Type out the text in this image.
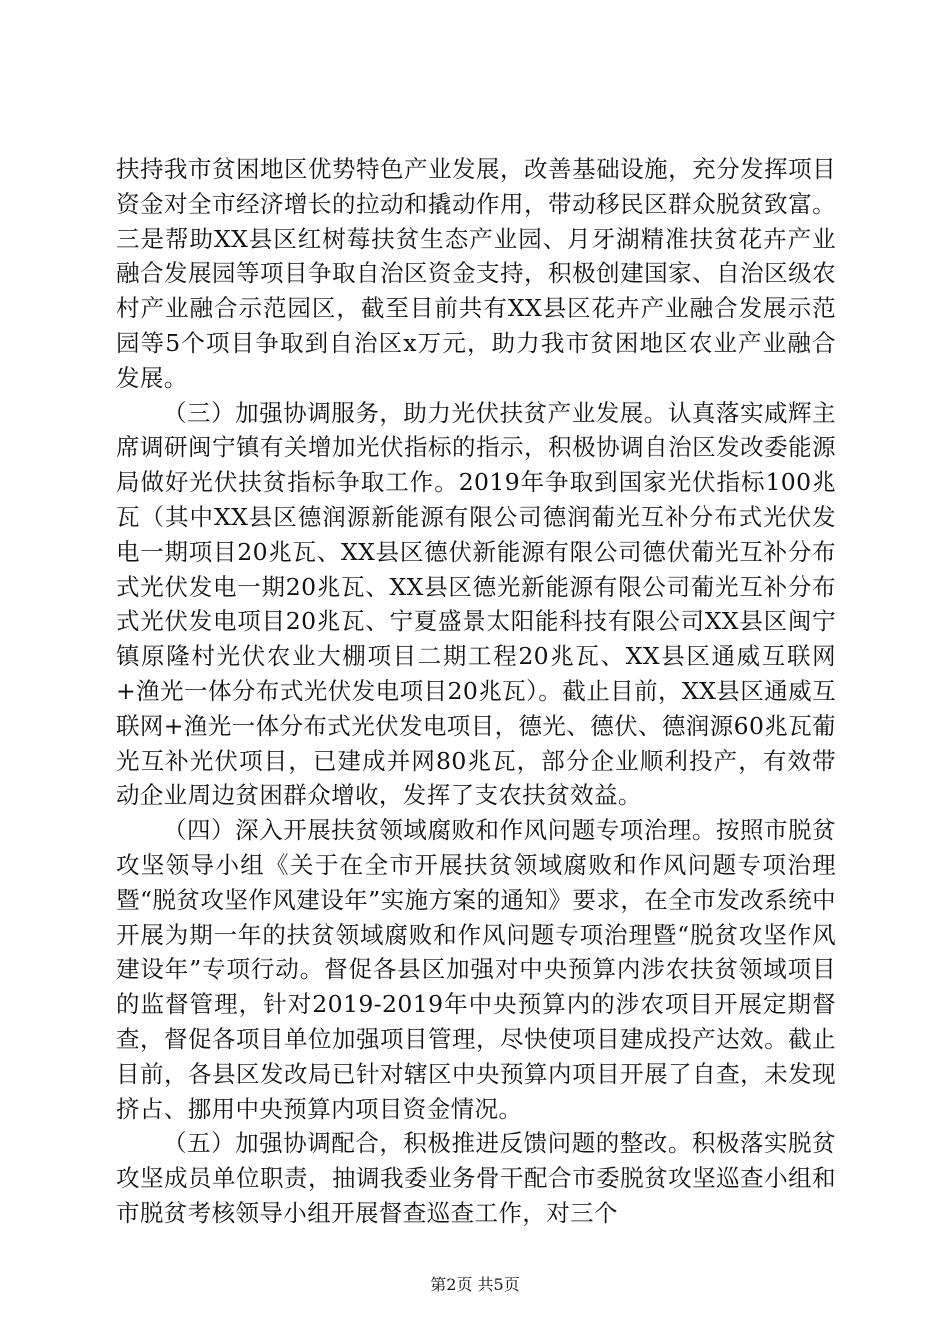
扶持我市贫困地区优势特色产业发展，改善基础设施，充分发挥项目资金对全市经济增长的拉动和撬动作用，带动移民区群众脱贫致富。三是帮助XX县区红树莓扶贫生态产业园、月牙湖精准扶贫花卉产业融合发展园等项目争取自治区资金支持，积极创建国家、自治区级农村产业融合示范园区，截至目前共有XX县区花卉产业融合发展示范园等5个项目争取到自治区x万元，助力我市贫困地区农业产业融合发展。

（三）加强协调服务，助力光伏扶贫产业发展。认真落实咸辉主席调研闽宁镇有关增加光伏指标的指示，积极协调自治区发改委能源局做好光伏扶贫指标争取工作。2019年争取到国家光伏指标100兆瓦（其中XX县区德润源新能源有限公司德润葡光互补分布式光伏发电一期项目20兆瓦、XX县区德伏新能源有限公司德伏葡光互补分布式光伏发电一期20兆瓦、XX县区德光新能源有限公司葡光互补分布式光伏发电项目20兆瓦、宁夏盛景太阳能科技有限公司XX县区闽宁镇原隆村光伏农业大棚项目二期工程20兆瓦、XX县区通威互联网+渔光一体分布式光伏发电项目20兆瓦）。截止目前，XX县区通威互联网+渔光一体分布式光伏发电项目，德光、德伏、德润源60兆瓦葡光互补光伏项目，已建成并网80兆瓦，部分企业顺利投产，有效带动企业周边贫困群众增收，发挥了支农扶贫效益。

（四）深入开展扶贫领域腐败和作风问题专项治理。按照市脱贫攻坚领导小组《关于在全市开展扶贫领域腐败和作风问题专项治理暨“脱贫攻坚作风建设年”实施方案的通知》要求，在全市发改系统中开展为期一年的扶贫领域腐败和作风问题专项治理暨“脱贫攻坚作风建设年”专项行动。督促各县区加强对中央预算内涉农扶贫领域项目的监督管理，针对2019-2019年中央预算内的涉农项目开展定期督查，督促各项目单位加强项目管理，尽快使项目建成投产达效。截止目前，各县区发改局已针对辖区中央预算内项目开展了自查，未发现挤占、挪用中央预算内项目资金情况。

（五）加强协调配合，积极推进反馈问题的整改。积极落实脱贫攻坚成员单位职责，抽调我委业务骨干配合市委脱贫攻坚巡查小组和市脱贫考核领导小组开展督查巡查工作，对三个

第2页 共5页
